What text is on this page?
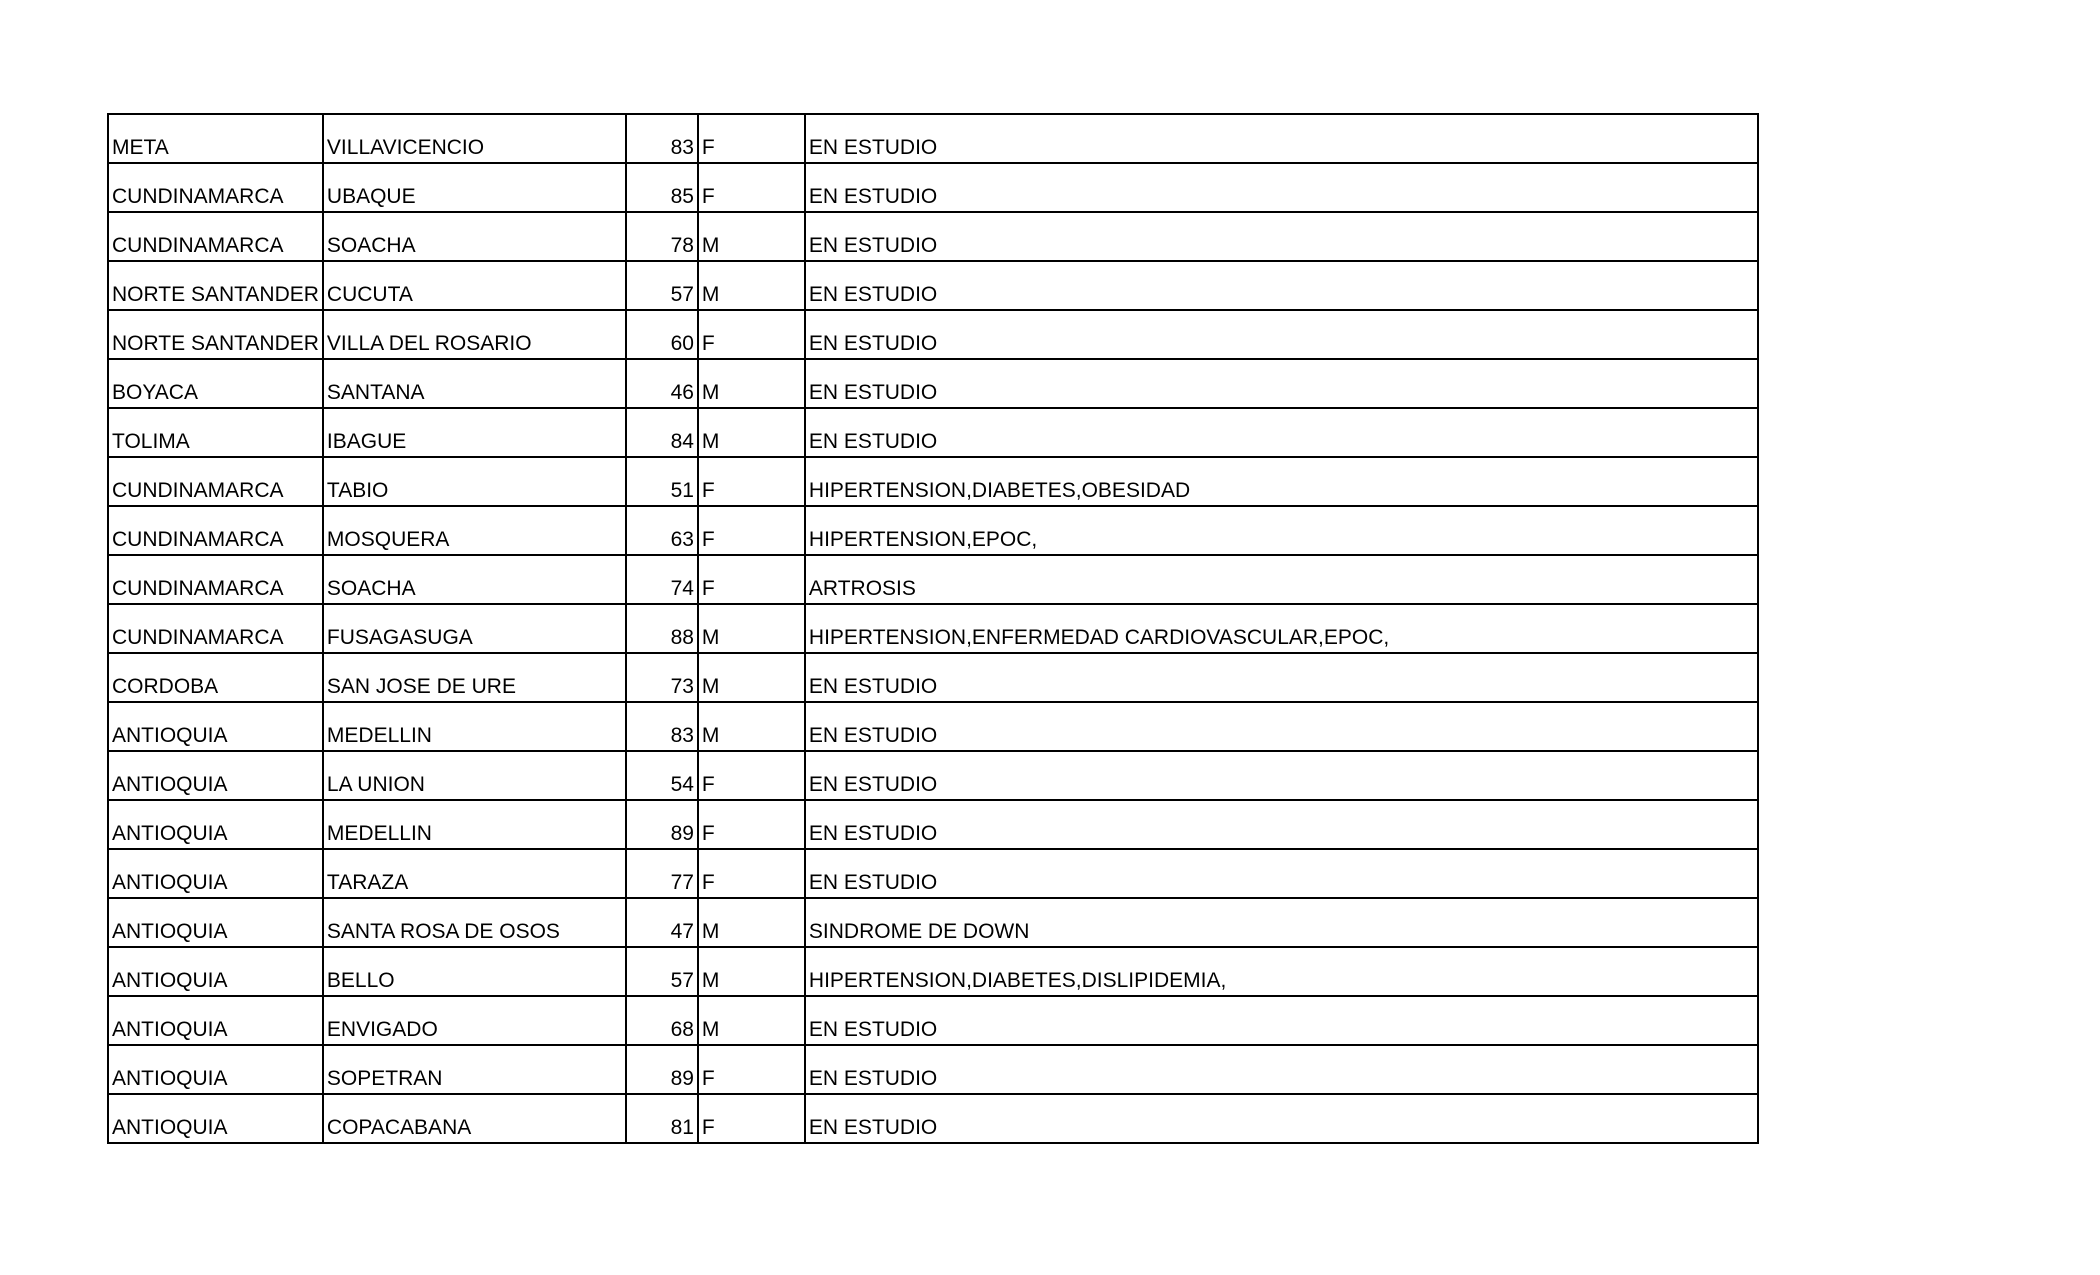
META	VILLAVICENCIO	83	F	EN ESTUDIO
CUNDINAMARCA	UBAQUE	85	F	EN ESTUDIO
CUNDINAMARCA	SOACHA	78	M	EN ESTUDIO
NORTE SANTANDER	CUCUTA	57	M	EN ESTUDIO
NORTE SANTANDER	VILLA DEL ROSARIO	60	F	EN ESTUDIO
BOYACA	SANTANA	46	M	EN ESTUDIO
TOLIMA	IBAGUE	84	M	EN ESTUDIO
CUNDINAMARCA	TABIO	51	F	HIPERTENSION,DIABETES,OBESIDAD
CUNDINAMARCA	MOSQUERA	63	F	HIPERTENSION,EPOC,
CUNDINAMARCA	SOACHA	74	F	ARTROSIS
CUNDINAMARCA	FUSAGASUGA	88	M	HIPERTENSION,ENFERMEDAD CARDIOVASCULAR,EPOC,
CORDOBA	SAN JOSE DE URE	73	M	EN ESTUDIO
ANTIOQUIA	MEDELLIN	83	M	EN ESTUDIO
ANTIOQUIA	LA UNION	54	F	EN ESTUDIO
ANTIOQUIA	MEDELLIN	89	F	EN ESTUDIO
ANTIOQUIA	TARAZA	77	F	EN ESTUDIO
ANTIOQUIA	SANTA ROSA DE OSOS	47	M	SINDROME DE DOWN
ANTIOQUIA	BELLO	57	M	HIPERTENSION,DIABETES,DISLIPIDEMIA,
ANTIOQUIA	ENVIGADO	68	M	EN ESTUDIO
ANTIOQUIA	SOPETRAN	89	F	EN ESTUDIO
ANTIOQUIA	COPACABANA	81	F	EN ESTUDIO
